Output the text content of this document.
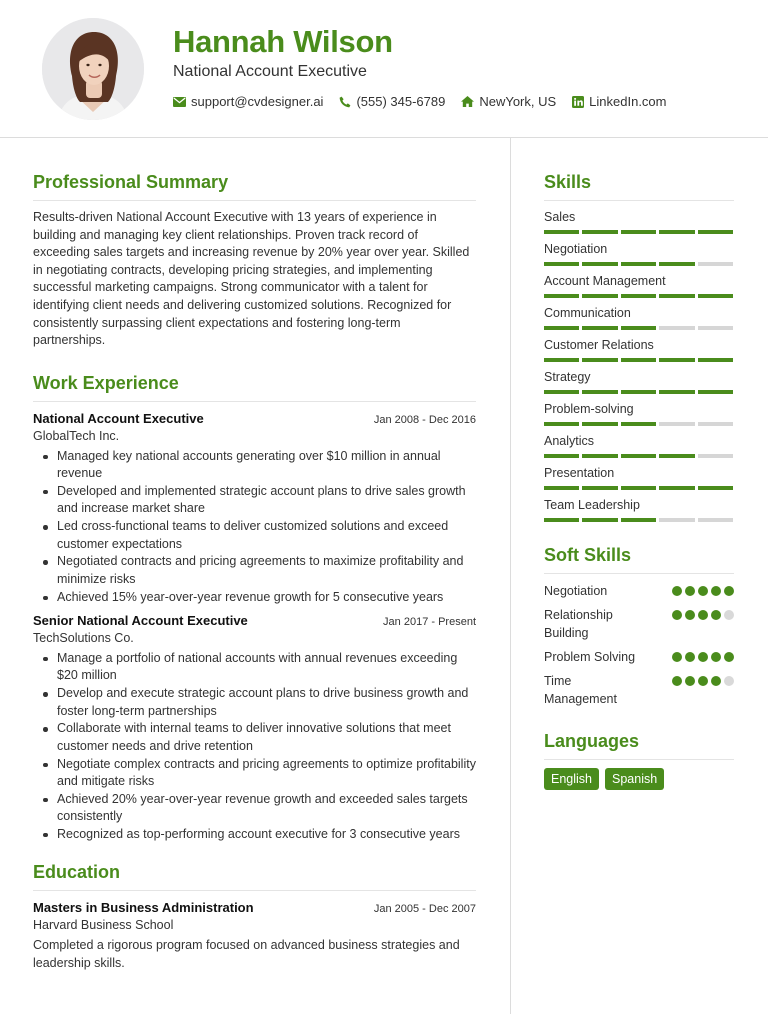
Hannah Wilson
National Account Executive
support@cvdesigner.ai	(555) 345-6789	NewYork, US	LinkedIn.com
Professional Summary

Results-driven National Account Executive with 13 years of experience in building and managing key client relationships. Proven track record of exceeding sales targets and increasing revenue by 20% year over year. Skilled in negotiating contracts, developing pricing strategies, and implementing successful marketing campaigns. Strong communicator with a talent for identifying client needs and delivering customized solutions. Recognized for consistently surpassing client expectations and fostering long-term partnerships.

Work Experience
National Account Executive	Jan 2008 - Dec 2016
GlobalTech Inc.
Managed key national accounts generating over $10 million in annual revenue
Developed and implemented strategic account plans to drive sales growth and increase market share
Led cross-functional teams to deliver customized solutions and exceed customer expectations
Negotiated contracts and pricing agreements to maximize profitability and minimize risks
Achieved 15% year-over-year revenue growth for 5 consecutive years
Senior National Account Executive	Jan 2017 - Present
TechSolutions Co.
Manage a portfolio of national accounts with annual revenues exceeding $20 million
Develop and execute strategic account plans to drive business growth and foster long-term partnerships
Collaborate with internal teams to deliver innovative solutions that meet customer needs and drive retention
Negotiate complex contracts and pricing agreements to optimize profitability and mitigate risks
Achieved 20% year-over-year revenue growth and exceeded sales targets consistently
Recognized as top-performing account executive for 3 consecutive years
Education
Masters in Business Administration	Jan 2005 - Dec 2007
Harvard Business School

Completed a rigorous program focused on advanced business strategies and leadership skills.

Skills
Sales
Negotiation
Account Management
Communication
Customer Relations
Strategy
Problem-solving
Analytics
Presentation
Team Leadership
Soft Skills
Negotiation
Relationship Building
Problem Solving
Time Management
Languages
English	Spanish
